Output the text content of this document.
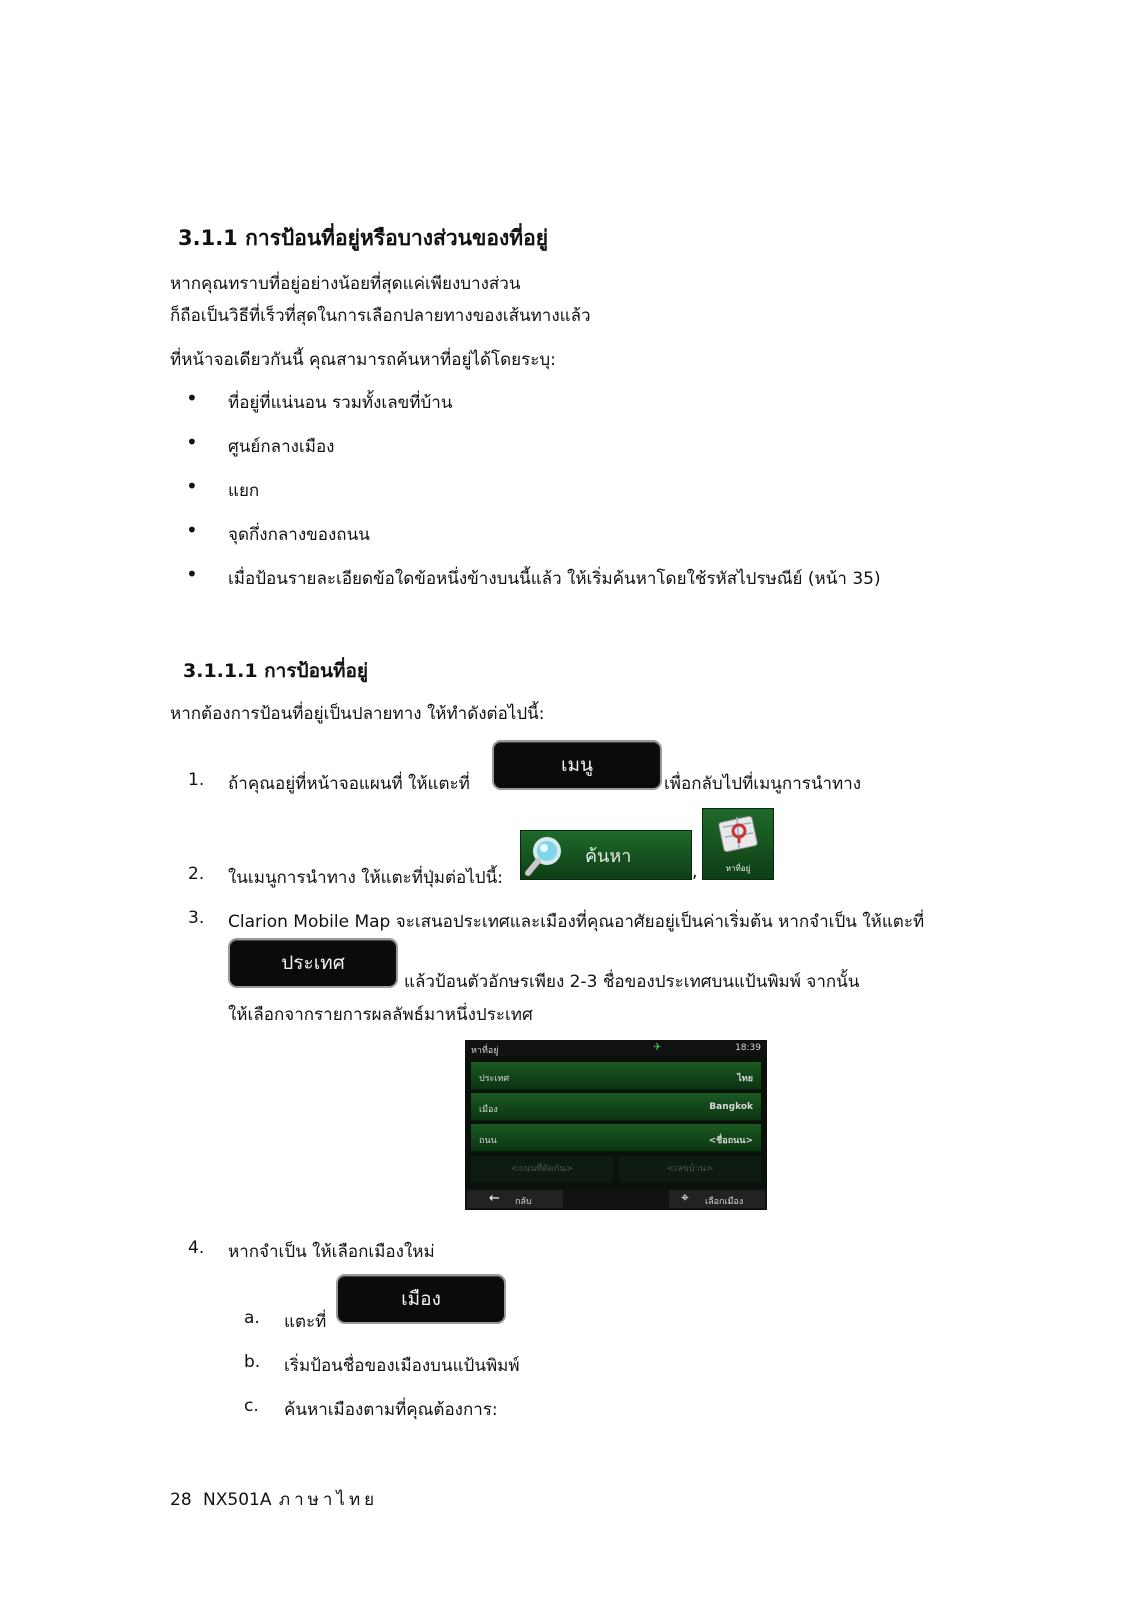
3.1.1 การป้อนที่อยู่หรือบางส่วนของที่อยู่
หากคุณทราบที่อยู่อย่างน้อยที่สุดแค่เพียงบางส่วน
ก็ถือเป็นวิธีที่เร็วที่สุดในการเลือกปลายทางของเส้นทางแล้ว
ที่หน้าจอเดียวกันนี้ คุณสามารถค้นหาที่อยู่ได้โดยระบุ:
• ที่อยู่ที่แน่นอน รวมทั้งเลขที่บ้าน
• ศูนย์กลางเมือง
• แยก
• จุดกึ่งกลางของถนน
• เมื่อป้อนรายละเอียดข้อใดข้อหนึ่งข้างบนนี้แล้ว ให้เริ่มค้นหาโดยใช้รหัสไปรษณีย์ (หน้า 35)
3.1.1.1 การป้อนที่อยู่
หากต้องการป้อนที่อยู่เป็นปลายทาง ให้ทำดังต่อไปนี้:
1. ถ้าคุณอยู่ที่หน้าจอแผนที่ ให้แตะที่
เมนู
เพื่อกลับไปที่เมนูการนำทาง
2. ในเมนูการนำทาง ให้แตะที่ปุ่มต่อไปนี้:
ค้นหา
,	หาที่อยู่
3. Clarion Mobile Map จะเสนอประเทศและเมืองที่คุณอาศัยอยู่เป็นค่าเริ่มต้น หากจำเป็น ให้แตะที่
ประเทศ
แล้วป้อนตัวอักษรเพียง 2-3 ชื่อของประเทศบนแป้นพิมพ์ จากนั้น
ให้เลือกจากรายการผลลัพธ์มาหนึ่งประเทศ
หาที่อยู่	✈	18:39
ประเทศ	ไทย
เมือง	Bangkok
ถนน	<ชื่อถนน>
<ถนนที่ตัดกัน>	<เลขบ้าน>
← กลับ	⌖ เลือกเมือง
4. หากจำเป็น ให้เลือกเมืองใหม่
a. แตะที่
เมือง
b. เริ่มป้อนชื่อของเมืองบนแป้นพิมพ์
c. ค้นหาเมืองตามที่คุณต้องการ:
28 NX501A ภาษาไทย
